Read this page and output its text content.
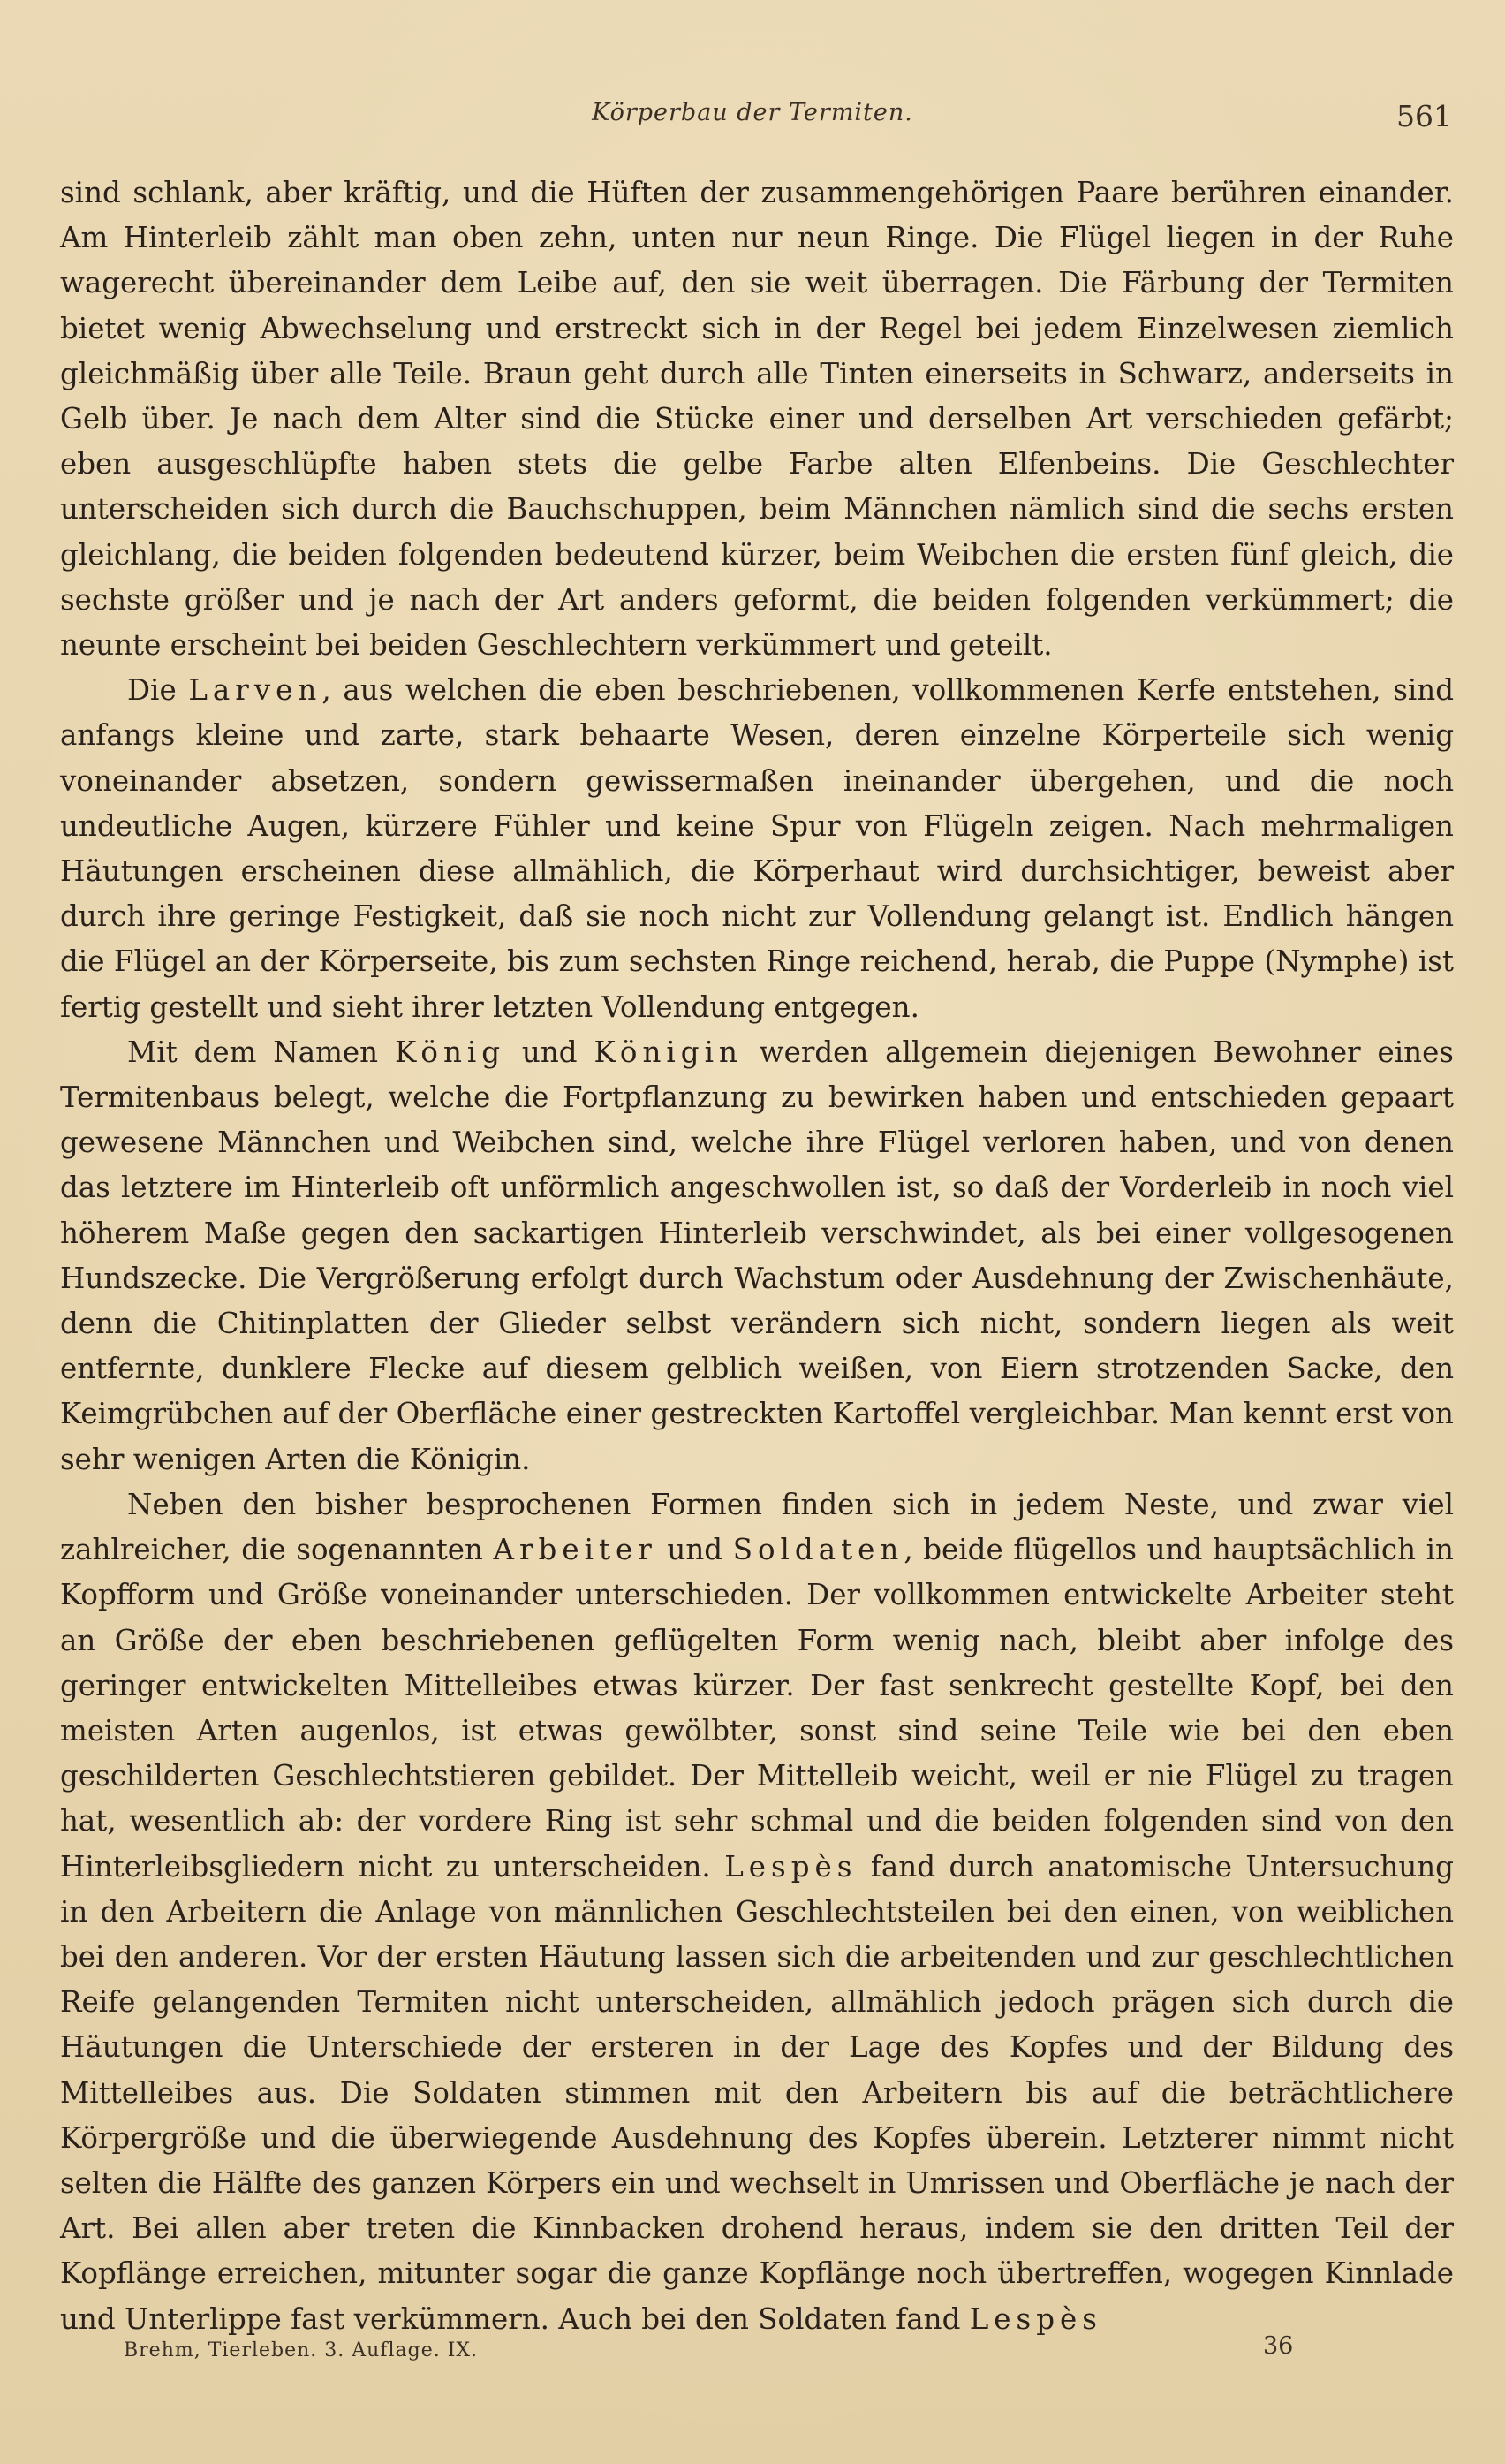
Körperbau der Termiten.	561

sind schlank, aber kräftig, und die Hüften der zusammengehörigen Paare berühren einander. Am Hinterleib zählt man oben zehn, unten nur neun Ringe. Die Flügel liegen in der Ruhe wagerecht übereinander dem Leibe auf, den sie weit überragen. Die Färbung der Termiten bietet wenig Abwechselung und erstreckt sich in der Regel bei jedem Einzelwesen ziemlich gleichmäßig über alle Teile. Braun geht durch alle Tinten einerseits in Schwarz, anderseits in Gelb über. Je nach dem Alter sind die Stücke einer und derselben Art verschieden gefärbt; eben ausgeschlüpfte haben stets die gelbe Farbe alten Elfenbeins. Die Geschlechter unterscheiden sich durch die Bauchschuppen, beim Männchen nämlich sind die sechs ersten gleichlang, die beiden folgenden bedeutend kürzer, beim Weibchen die ersten fünf gleich, die sechste größer und je nach der Art anders geformt, die beiden folgenden verkümmert; die neunte erscheint bei beiden Geschlechtern verkümmert und geteilt.

Die Larven, aus welchen die eben beschriebenen, vollkommenen Kerfe entstehen, sind anfangs kleine und zarte, stark behaarte Wesen, deren einzelne Körperteile sich wenig voneinander absetzen, sondern gewissermaßen ineinander übergehen, und die noch undeutliche Augen, kürzere Fühler und keine Spur von Flügeln zeigen. Nach mehrmaligen Häutungen erscheinen diese allmählich, die Körperhaut wird durchsichtiger, beweist aber durch ihre geringe Festigkeit, daß sie noch nicht zur Vollendung gelangt ist. Endlich hängen die Flügel an der Körperseite, bis zum sechsten Ringe reichend, herab, die Puppe (Nymphe) ist fertig gestellt und sieht ihrer letzten Vollendung entgegen.

Mit dem Namen König und Königin werden allgemein diejenigen Bewohner eines Termitenbaus belegt, welche die Fortpflanzung zu bewirken haben und entschieden gepaart gewesene Männchen und Weibchen sind, welche ihre Flügel verloren haben, und von denen das letztere im Hinterleib oft unförmlich angeschwollen ist, so daß der Vorderleib in noch viel höherem Maße gegen den sackartigen Hinterleib verschwindet, als bei einer vollgesogenen Hundszecke. Die Vergrößerung erfolgt durch Wachstum oder Ausdehnung der Zwischenhäute, denn die Chitinplatten der Glieder selbst verändern sich nicht, sondern liegen als weit entfernte, dunklere Flecke auf diesem gelblich weißen, von Eiern strotzenden Sacke, den Keimgrübchen auf der Oberfläche einer gestreckten Kartoffel vergleichbar. Man kennt erst von sehr wenigen Arten die Königin.

Neben den bisher besprochenen Formen finden sich in jedem Neste, und zwar viel zahlreicher, die sogenannten Arbeiter und Soldaten, beide flügellos und hauptsächlich in Kopfform und Größe voneinander unterschieden. Der vollkommen entwickelte Arbeiter steht an Größe der eben beschriebenen geflügelten Form wenig nach, bleibt aber infolge des geringer entwickelten Mittelleibes etwas kürzer. Der fast senkrecht gestellte Kopf, bei den meisten Arten augenlos, ist etwas gewölbter, sonst sind seine Teile wie bei den eben geschilderten Geschlechtstieren gebildet. Der Mittelleib weicht, weil er nie Flügel zu tragen hat, wesentlich ab: der vordere Ring ist sehr schmal und die beiden folgenden sind von den Hinterleibsgliedern nicht zu unterscheiden. Lespès fand durch anatomische Untersuchung in den Arbeitern die Anlage von männlichen Geschlechtsteilen bei den einen, von weiblichen bei den anderen. Vor der ersten Häutung lassen sich die arbeitenden und zur geschlechtlichen Reife gelangenden Termiten nicht unterscheiden, allmählich jedoch prägen sich durch die Häutungen die Unterschiede der ersteren in der Lage des Kopfes und der Bildung des Mittelleibes aus. Die Soldaten stimmen mit den Arbeitern bis auf die beträchtlichere Körpergröße und die überwiegende Ausdehnung des Kopfes überein. Letzterer nimmt nicht selten die Hälfte des ganzen Körpers ein und wechselt in Umrissen und Oberfläche je nach der Art. Bei allen aber treten die Kinnbacken drohend heraus, indem sie den dritten Teil der Kopflänge erreichen, mitunter sogar die ganze Kopflänge noch übertreffen, wogegen Kinnlade und Unterlippe fast verkümmern. Auch bei den Soldaten fand Lespès

Brehm, Tierleben. 3. Auflage. IX.	36
